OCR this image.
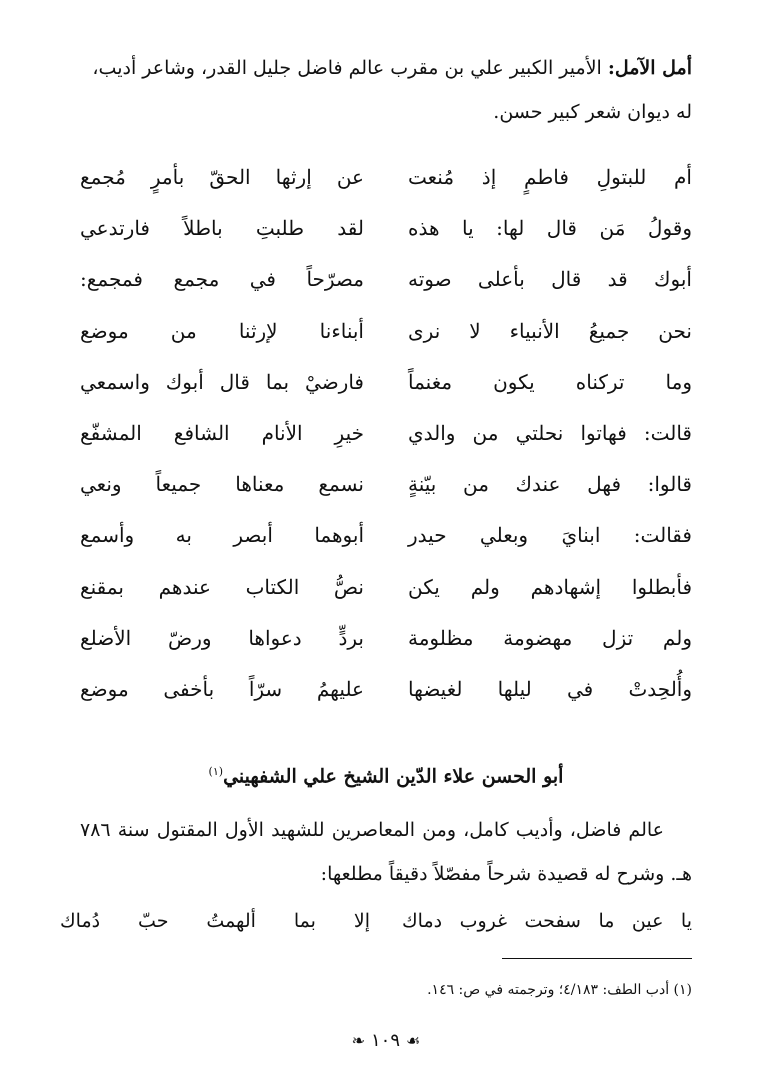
أمل الآمل: الأمير الكبير علي بن مقرب عالم فاضل جليل القدر، وشاعر أديب، له ديوان شعر كبير حسن.
أم للبتولِ فاطمٍ إذ مُنعت
عن إرثها الحقّ بأمرٍ مُجمع
وقولُ مَن قال لها: يا هذه
لقد طلبتِ باطلاً فارتدعي
أبوك قد قال بأعلى صوته
مصرّحاً في مجمع فمجمع:
نحن جميعُ الأنبياء لا نرى
أبناءنا لإرثنا من موضع
وما تركناه يكون مغنماً
فارضيْ بما قال أبوك واسمعي
قالت: فهاتوا نحلتي من والدي
خيرِ الأنام الشافع المشفّع
قالوا: فهل عندك من بيّنةٍ
نسمع معناها جميعاً ونعي
فقالت: ابنايَ وبعلي حيدر
أبوهما أبصر به وأسمع
فأبطلوا إشهادهم ولم يكن
نصُّ الكتاب عندهم بمقنع
ولم تزل مهضومة مظلومة
بردٍّ دعواها ورضّ الأضلع
وأُلحِدتْ في ليلها لغيضها
عليهمُ سرّاً بأخفى موضع
أبو الحسن علاء الدّين الشيخ علي الشفهيني$^{(١)}$
عالم فاضل، وأديب كامل، ومن المعاصرين للشهيد الأول المقتول سنة ٧٨٦ هـ. وشرح له قصيدة شرحاً مفصّلاً دقيقاً مطلعها:
يا عين ما سفحت غروب دماك
إلا بما ألهمتُ حبّ دُماك
(١) أدب الطف: ٤/١٨٣؛ وترجمته في ص: ١٤٦.
❧ ١٠٩ ☙
